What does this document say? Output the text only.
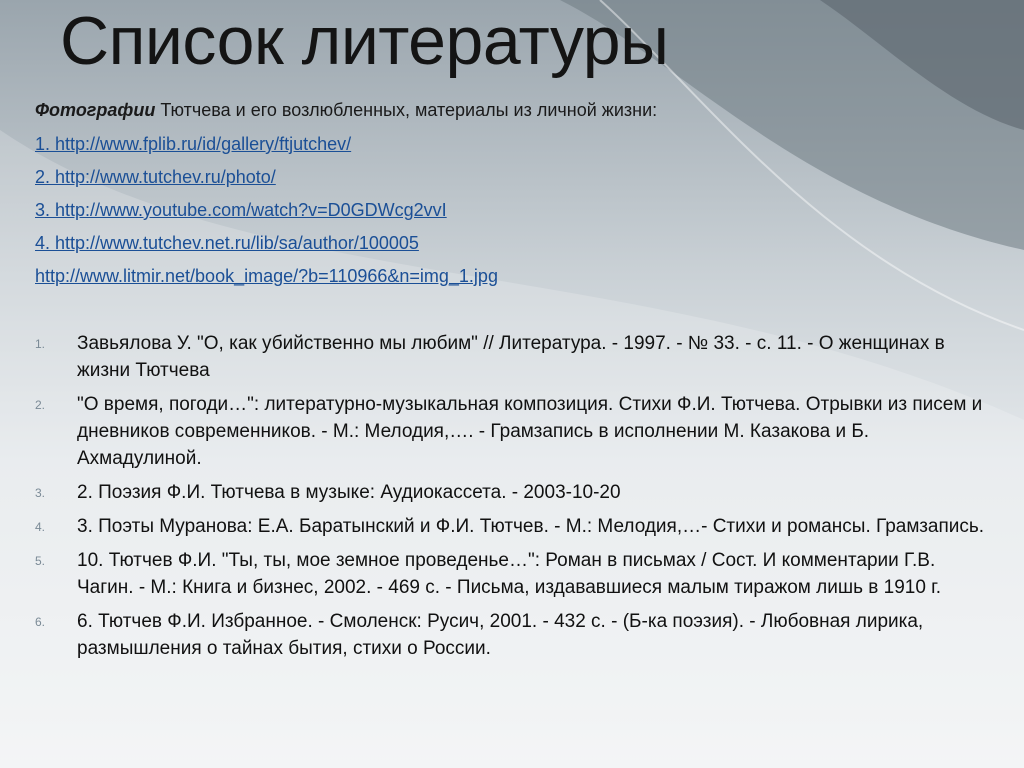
Список литературы

Фотографии Тютчева и его возлюбленных, материалы из личной жизни:

1. http://www.fplib.ru/id/gallery/ftjutchev/
2. http://www.tutchev.ru/photo/
3. http://www.youtube.com/watch?v=D0GDWcg2vvI
4. http://www.tutchev.net.ru/lib/sa/author/100005
http://www.litmir.net/book_image/?b=110966&n=img_1.jpg
1. Завьялова У. "О, как убийственно мы любим" // Литература. - 1997. - № 33. - с. 11. - О женщинах в жизни Тютчева
2. "О время, погоди…": литературно-музыкальная композиция. Стихи Ф.И. Тютчева. Отрывки из писем и дневников современников. - М.: Мелодия,…. - Грамзапись в исполнении М. Казакова и Б. Ахмадулиной.
3. 2. Поэзия Ф.И. Тютчева в музыке: Аудиокассета. - 2003-10-20
4. 3. Поэты Муранова: Е.А. Баратынский и Ф.И. Тютчев. - М.: Мелодия,…- Стихи и романсы. Грамзапись.
5. 10. Тютчев Ф.И. "Ты, ты, мое земное проведенье…": Роман в письмах / Сост. И комментарии Г.В. Чагин. - М.: Книга и бизнес, 2002. - 469 с. - Письма, издававшиеся малым тиражом лишь в 1910 г.
6. 6. Тютчев Ф.И. Избранное. - Смоленск: Русич, 2001. - 432 с. - (Б-ка поэзия). - Любовная лирика, размышления о тайнах бытия, стихи о России.
